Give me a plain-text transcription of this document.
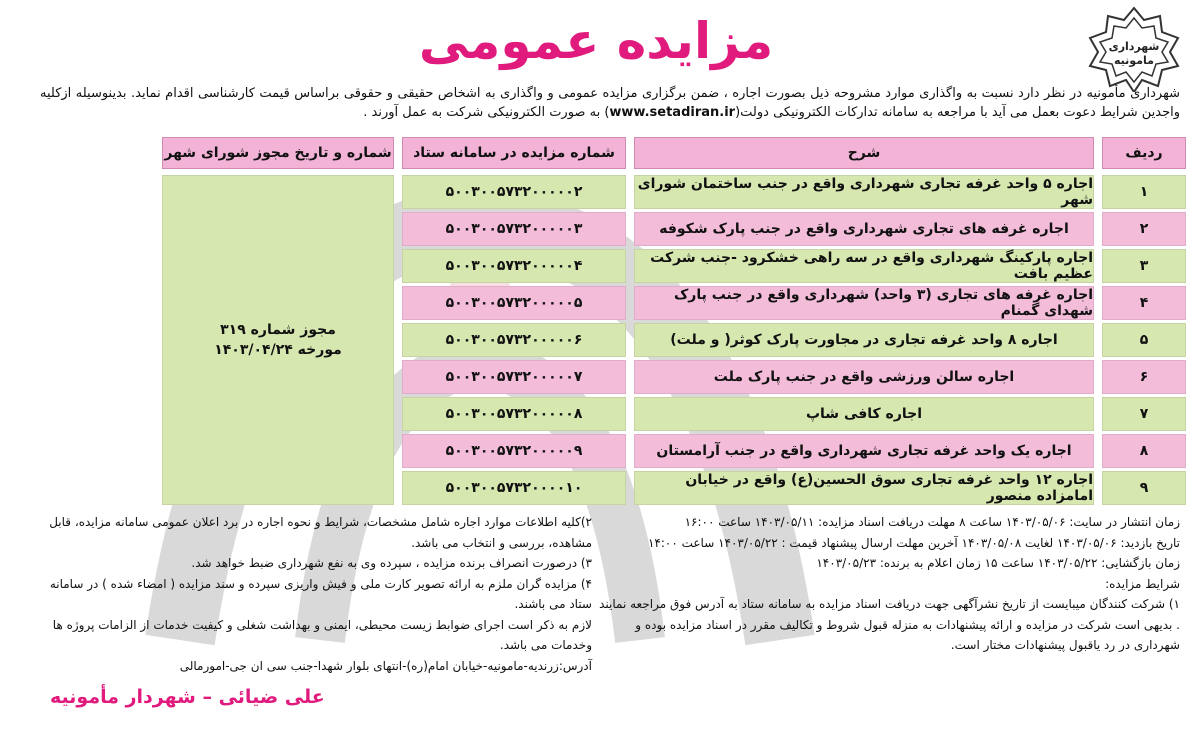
شهرداری
مامونیه
مزایده عمومی
شهرداری مأمونیه در نظر دارد نسبت به واگذاری موارد مشروحه ذیل بصورت اجاره ، ضمن برگزاری مزایده عمومی و واگذاری به اشخاص حقیقی و حقوقی براساس قیمت کارشناسی اقدام نماید. بدینوسیله ازکلیه واجدین شرایط دعوت بعمل می آید با مراجعه به سامانه تدارکات الکترونیکی دولت(www.setadiran.ir) به صورت الکترونیکی شرکت به عمل آورند .
ردیف
شرح
شماره مزایده در سامانه ستاد
شماره و تاریخ مجوز شورای شهر
۱
اجاره ۵ واحد غرفه تجاری شهرداری واقع در جنب ساختمان شورای شهر
۵۰۰۳۰۰۵۷۳۲۰۰۰۰۰۲
۲
اجاره غرفه های تجاری شهرداری واقع در جنب پارک شکوفه
۵۰۰۳۰۰۵۷۳۲۰۰۰۰۰۳
۳
اجاره پارکینگ شهرداری واقع در سه راهی خشکرود -جنب شرکت عظیم بافت
۵۰۰۳۰۰۵۷۳۲۰۰۰۰۰۴
۴
اجاره غرفه های تجاری (۳ واحد) شهرداری واقع در جنب پارک شهدای گمنام
۵۰۰۳۰۰۵۷۳۲۰۰۰۰۰۵
۵
اجاره ۸ واحد غرفه تجاری در مجاورت پارک کوثر( و ملت)
۵۰۰۳۰۰۵۷۳۲۰۰۰۰۰۶
۶
اجاره سالن ورزشی واقع در جنب پارک ملت
۵۰۰۳۰۰۵۷۳۲۰۰۰۰۰۷
۷
اجاره کافی شاپ
۵۰۰۳۰۰۵۷۳۲۰۰۰۰۰۸
۸
اجاره یک واحد غرفه تجاری شهرداری واقع در جنب آرامستان
۵۰۰۳۰۰۵۷۳۲۰۰۰۰۰۹
۹
اجاره ۱۲ واحد غرفه تجاری سوق الحسین(ع) واقع در خیابان امامزاده منصور
۵۰۰۳۰۰۵۷۳۲۰۰۰۰۱۰
مجوز شماره ۳۱۹
مورخه ۱۴۰۳/۰۴/۲۴

زمان انتشار در سایت: ۱۴۰۳/۰۵/۰۶ ساعت ۸ مهلت دریافت اسناد مزایده: ۱۴۰۳/۰۵/۱۱ ساعت ۱۶:۰۰

تاریخ بازدید: ۱۴۰۳/۰۵/۰۶ لغایت ۱۴۰۳/۰۵/۰۸ آخرین مهلت ارسال پیشنهاد قیمت : ۱۴۰۳/۰۵/۲۲ ساعت ۱۴:۰۰

زمان بازگشایی: ۱۴۰۳/۰۵/۲۲ ساعت ۱۵ زمان اعلام به برنده: ۱۴۰۳/۰۵/۲۳

شرایط مزایده:

۱) شرکت کنندگان میبایست از تاریخ نشرآگهی جهت دریافت اسناد مزایده به سامانه ستاد به آدرس فوق مراجعه نمایند . بدیهی است شرکت در مزایده و ارائه پیشنهادات به منزله قبول شروط و تکالیف مقرر در اسناد مزایده بوده و شهرداری در رد یاقبول پیشنهادات مختار است.

۲)کلیه اطلاعات موارد اجاره شامل مشخصات، شرایط و نحوه اجاره در برد اعلان عمومی سامانه مزایده، قابل مشاهده، بررسی و انتخاب می باشد.

۳) درصورت انصراف برنده مزایده ، سپرده وی به نفع شهرداری ضبط خواهد شد.

۴) مزایده گران ملزم به ارائه تصویر کارت ملی و فیش واریزی سپرده و سند مزایده ( امضاء شده ) در سامانه ستاد می باشند.

لازم به ذکر است اجرای ضوابط زیست محیطی، ایمنی و بهداشت شغلی و کیفیت خدمات از الزامات پروژه ها وخدمات می باشد.

آدرس:زرندیه-مامونیه-خیابان امام(ره)-انتهای بلوار شهدا-جنب سی ان جی-امورمالی

علی ضیائی – شهردار مأمونیه
